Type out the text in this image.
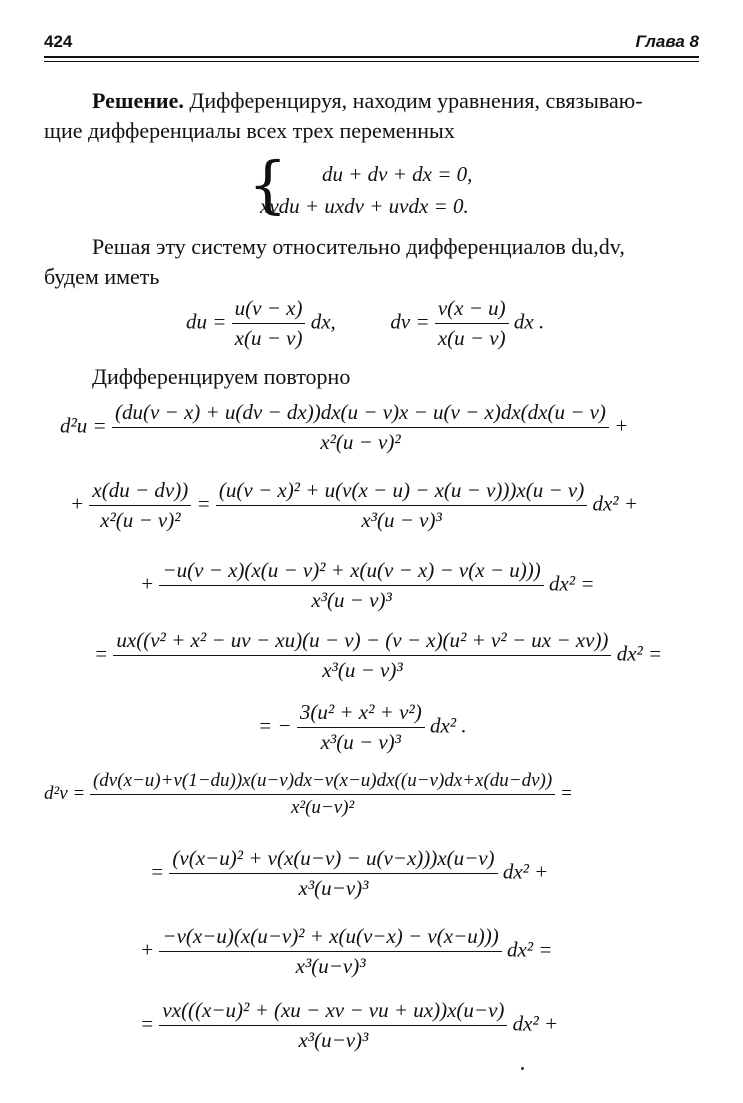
424	Глава 8
Решение. Дифференцируя, находим уравнения, связываю-
щие дифференциалы всех трех переменных
{ du + dv + dx = 0,
xvdu + uxdv + uvdx = 0.
Решая эту систему относительно дифференциалов du,dv,
будем иметь
du = $\frac{u(v - x)}{x(u - v)}$ dx,	dv = $\frac{v(x - u)}{x(u - v)}$ dx .
Дифференцируем повторно
$d^2u = \frac{(du(v - x) + u(dv - dx))dx(u - v)x - u(v - x)dx(dx(u - v)}{\text{x²(u − v)²}}$ +
+ $\frac{x(du - dv))}{\text{x²(u − v)²}} = \frac{\text{(u(v − x)² + u(v(x − u) − x(u − v)))x(u − v)}}{\text{x³(u − v)³}} dx^2$ +
+ $\frac{\text{−u(v − x)(x(u − v)² + x(u(v − x) − v(x − u)))}}{\text{x³(u − v)³}} dx^2$ =
= $\frac{\text{ux((v² + x² − uv − xu)(u − v) − (v − x)(u² + v² − ux − xv))}}{\text{x³(u − v)³}} dx^2$ =
= − $\frac{\text{3(u² + x² + v²)}}{\text{x³(u − v)³}} dx^2$ .
$d^2v = \frac{(dv(x-u)+v(1-du))x(u-v)dx-v(x-u)dx((u-v)dx+x(du-dv))}{\text{x²(u−v)²}}$ =
= $\frac{\text{(v(x−u)² + v(x(u−v) − u(v−x)))x(u−v)}}{\text{x³(u−v)³}} dx^2$ +
+ $\frac{\text{−v(x−u)(x(u−v)² + x(u(v−x) − v(x−u)))}}{\text{x³(u−v)³}} dx^2$ =
= $\frac{\text{vx(((x−u)² + (xu − xv − vu + ux))x(u−v)}}{\text{x³(u−v)³}} dx^2$ +
